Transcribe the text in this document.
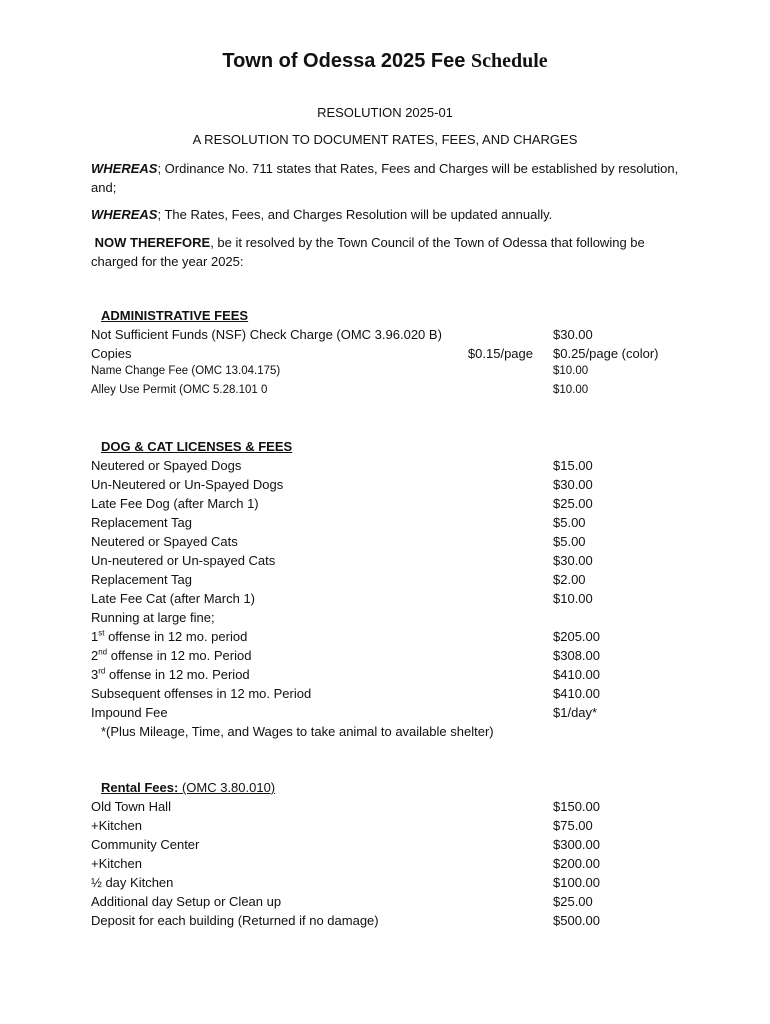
Town of Odessa 2025 Fee Schedule
RESOLUTION 2025-01
A RESOLUTION TO DOCUMENT RATES, FEES, AND CHARGES
WHEREAS; Ordinance No. 711 states that Rates, Fees and Charges will be established by resolution, and;
WHEREAS; The Rates, Fees, and Charges Resolution will be updated annually.
NOW THEREFORE, be it resolved by the Town Council of the Town of Odessa that following be charged for the year 2025:
ADMINISTRATIVE FEES
Not Sufficient Funds (NSF) Check Charge (OMC 3.96.020 B)	$30.00
Copies	$0.15/page $0.25/page (color)
Name Change Fee (OMC 13.04.175)	$10.00
Alley Use Permit (OMC 5.28.101 0	$10.00
DOG & CAT LICENSES & FEES
Neutered or Spayed Dogs	$15.00
Un-Neutered or Un-Spayed Dogs	$30.00
Late Fee Dog (after March 1)	$25.00
Replacement Tag	$5.00
Neutered or Spayed Cats	$5.00
Un-neutered or Un-spayed Cats	$30.00
Replacement Tag	$2.00
Late Fee Cat (after March 1)	$10.00
Running at large fine;
1st offense in 12 mo. period	$205.00
2nd offense in 12 mo. Period	$308.00
3rd offense in 12 mo. Period	$410.00
Subsequent offenses in 12 mo. Period	$410.00
Impound Fee	$1/day*
*(Plus Mileage, Time, and Wages to take animal to available shelter)
Rental Fees: (OMC 3.80.010)
Old Town Hall	$150.00
+Kitchen	$75.00
Community Center	$300.00
+Kitchen	$200.00
½ day Kitchen	$100.00
Additional day Setup or Clean up	$25.00
Deposit for each building (Returned if no damage)	$500.00
